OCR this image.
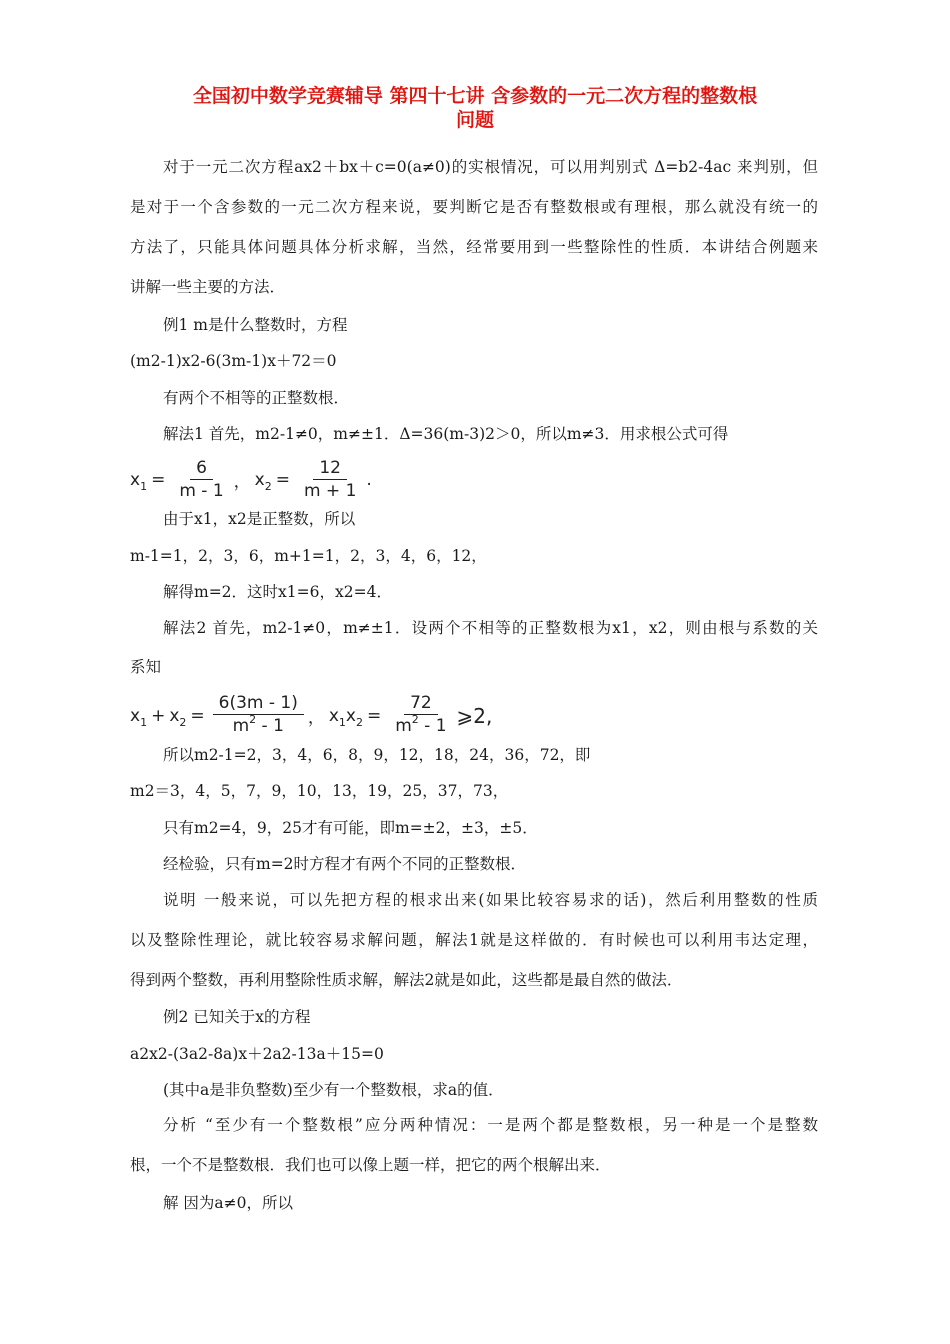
全国初中数学竞赛辅导 第四十七讲 含参数的一元二次方程的整数根
问题
对于一元二次方程ax2＋bx＋c=0(a≠0)的实根情况，可以用判别式 Δ=b2-4ac 来判别，但
是对于一个含参数的一元二次方程来说，要判断它是否有整数根或有理根，那么就没有统一的
方法了，只能具体问题具体分析求解，当然，经常要用到一些整除性的性质．本讲结合例题来
讲解一些主要的方法．
例1 m是什么整数时，方程
(m2-1)x2-6(3m-1)x＋72＝0
有两个不相等的正整数根．
解法1 首先，m2-1≠0，m≠±1．Δ=36(m-3)2＞0，所以m≠3．用求根公式可得
$x_1 = \frac{6}{m - 1}$ ， $x_2 = \frac{12}{m + 1}$ .
由于x1，x2是正整数，所以
m-1=1，2，3，6，m+1=1，2，3，4，6，12，
解得m=2．这时x1=6，x2=4．
解法2 首先，m2-1≠0，m≠±1．设两个不相等的正整数根为x1，x2，则由根与系数的关
系知
$x_1 + x_2 = \frac{6(3m - 1)}{m^2 - 1}$ ， $x_1x_2 = \frac{72}{m^2 - 1}$ ⩾2,
所以m2-1=2，3，4，6，8，9，12，18，24，36，72，即
m2＝3，4，5，7，9，10，13，19，25，37，73，
只有m2=4，9，25才有可能，即m=±2，±3，±5．
经检验，只有m=2时方程才有两个不同的正整数根．
说明 一般来说，可以先把方程的根求出来(如果比较容易求的话)，然后利用整数的性质
以及整除性理论，就比较容易求解问题，解法1就是这样做的．有时候也可以利用韦达定理，
得到两个整数，再利用整除性质求解，解法2就是如此，这些都是最自然的做法．
例2 已知关于x的方程
a2x2-(3a2-8a)x＋2a2-13a＋15=0
(其中a是非负整数)至少有一个整数根，求a的值．
分析 “至少有一个整数根”应分两种情况：一是两个都是整数根，另一种是一个是整数
根，一个不是整数根．我们也可以像上题一样，把它的两个根解出来．
解 因为a≠0，所以
